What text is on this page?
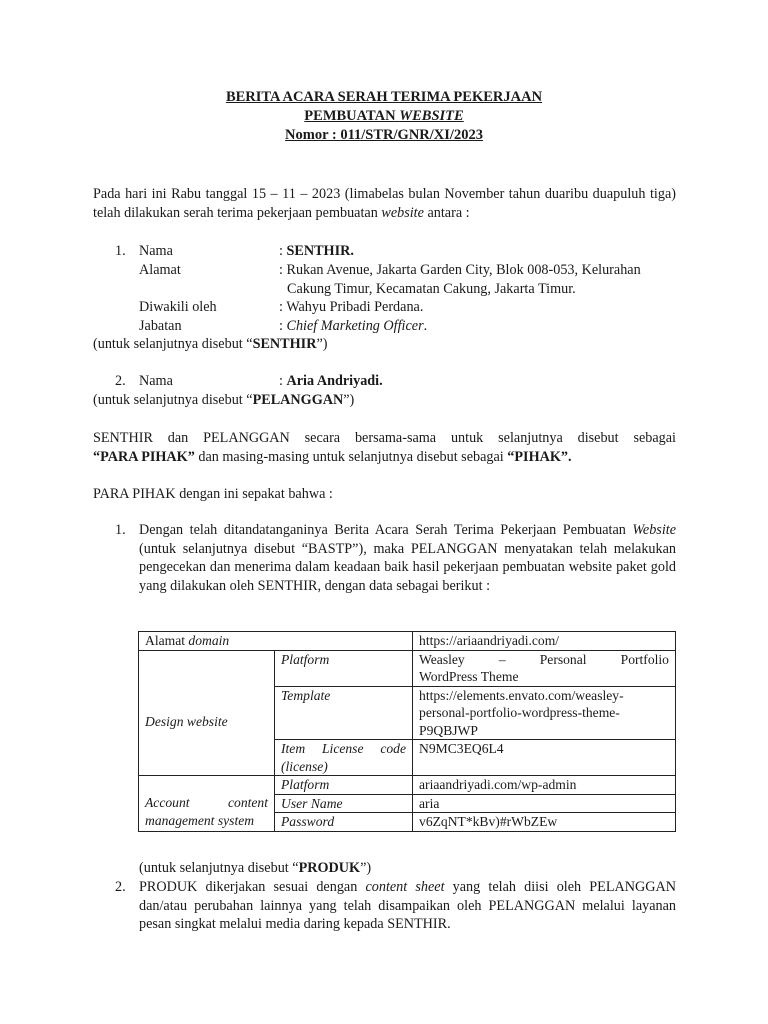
BERITA ACARA SERAH TERIMA PEKERJAAN
PEMBUATAN WEBSITE
Nomor : 011/STR/GNR/XI/2023
Pada hari ini Rabu tanggal 15 – 11 – 2023 (limabelas bulan November tahun duaribu duapuluh tiga) telah dilakukan serah terima pekerjaan pembuatan website antara :
1. Nama	: SENTHIR.
Alamat	: Rukan Avenue, Jakarta Garden City, Blok 008-053, Kelurahan
Cakung Timur, Kecamatan Cakung, Jakarta Timur.
Diwakili oleh	: Wahyu Pribadi Perdana.
Jabatan	: Chief Marketing Officer.
(untuk selanjutnya disebut “SENTHIR”)
2. Nama	: Aria Andriyadi.
(untuk selanjutnya disebut “PELANGGAN”)
SENTHIR dan PELANGGAN secara bersama-sama untuk selanjutnya disebut sebagai
“PARA PIHAK” dan masing-masing untuk selanjutnya disebut sebagai “PIHAK”.
PARA PIHAK dengan ini sepakat bahwa :
1. Dengan telah ditandatanganinya Berita Acara Serah Terima Pekerjaan Pembuatan Website (untuk selanjutnya disebut “BASTP”), maka PELANGGAN menyatakan telah melakukan pengecekan dan menerima dalam keadaan baik hasil pekerjaan pembuatan website paket gold yang dilakukan oleh SENTHIR, dengan data sebagai berikut :
Alamat domain		https://ariaandriyadi.com/
Design website	Platform	Weasley – Personal Portfolio
WordPress Theme

	Template	https://elements.envato.com/weasley-
personal-portfolio-wordpress-theme-
P9QBJWP

	Item License code
(license)	N9MC3EQ6L4

Account content
management system	Platform	ariaandriyadi.com/wp-admin
	User Name	aria
	Password	v6ZqNT*kBv)#rWbZEw
(untuk selanjutnya disebut “PRODUK”)
2. PRODUK dikerjakan sesuai dengan content sheet yang telah diisi oleh PELANGGAN dan/atau perubahan lainnya yang telah disampaikan oleh PELANGGAN melalui layanan pesan singkat melalui media daring kepada SENTHIR.
